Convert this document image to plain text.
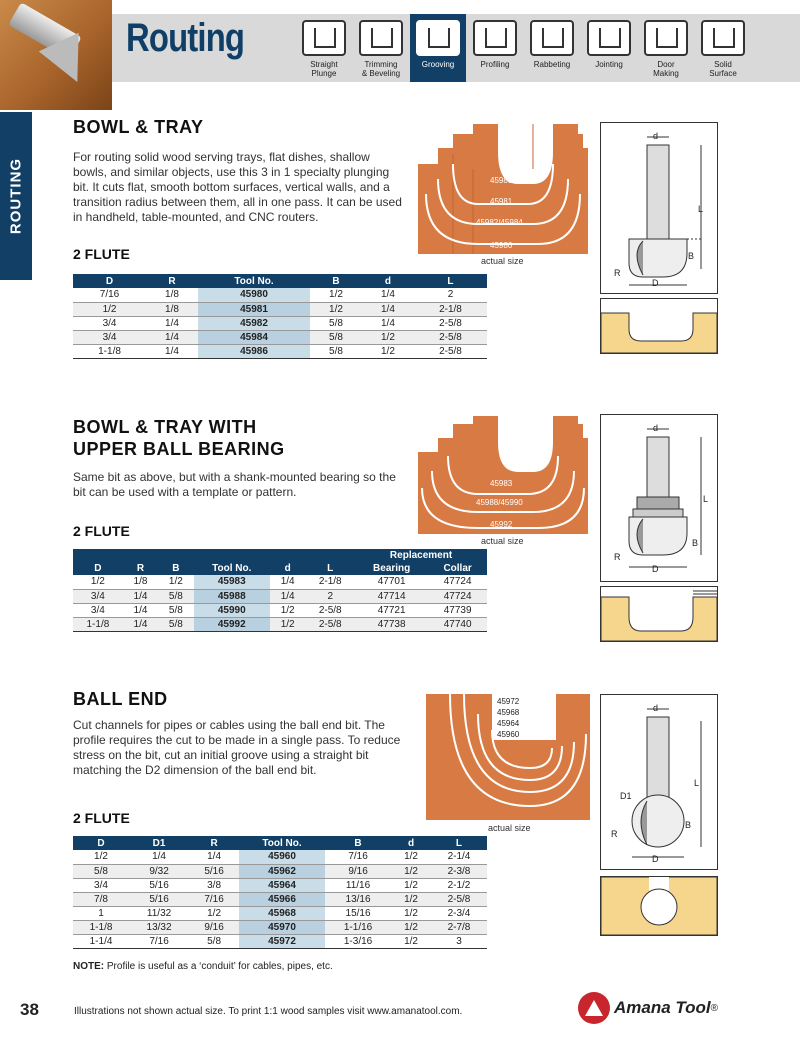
Routing
Straight
Plunge
Trimming
& Beveling
Grooving	Profiling	Rabbeting	Jointing	Door
Making
Solid
Surface
ROUTING
BOWL & TRAY
For routing solid wood serving trays, flat dishes, shallow bowls, and similar objects, use this 3 in 1 specialty plunging bit. It cuts flat, smooth bottom surfaces, vertical walls, and a transition radius between them, all in one pass. It can be used in handheld, table-mounted, and CNC routers.
2 FLUTE
45980
45981
45982/45984
45986
actual size
d
L
B
R
D
D	R	Tool No.	B	d	L
7/16	1/8	45980	1/2	1/4	2
1/2	1/8	45981	1/2	1/4	2-1/8
3/4	1/4	45982	5/8	1/4	2-5/8
3/4	1/4	45984	5/8	1/2	2-5/8
1-1/8	1/4	45986	5/8	1/2	2-5/8
BOWL & TRAY WITH
UPPER BALL BEARING
Same bit as above, but with a shank-mounted bearing so the bit can be used with a template or pattern.
2 FLUTE
45983
45988/45990
45992
actual size
d
L
B
R
D
						Replacement	
D	R	B	Tool No.	d	L	Bearing	Collar
1/2	1/8	1/2	45983	1/4	2-1/8	47701	47724
3/4	1/4	5/8	45988	1/4	2	47714	47724
3/4	1/4	5/8	45990	1/2	2-5/8	47721	47739
1-1/8	1/4	5/8	45992	1/2	2-5/8	47738	47740
BALL END
Cut channels for pipes or cables using the ball end bit. The profile requires the cut to be made in a single pass. To reduce stress on the bit, cut an initial groove using a straight bit matching the D2 dimension of the ball end bit.
2 FLUTE
45972
45968
45964
45960
actual size
d
L
B
D1
R
D
D	D1	R	Tool No.	B	d	L
1/2	1/4	1/4	45960	7/16	1/2	2-1/4
5/8	9/32	5/16	45962	9/16	1/2	2-3/8
3/4	5/16	3/8	45964	11/16	1/2	2-1/2
7/8	5/16	7/16	45966	13/16	1/2	2-5/8
1	11/32	1/2	45968	15/16	1/2	2-3/4
1-1/8	13/32	9/16	45970	1-1/16	1/2	2-7/8
1-1/4	7/16	5/8	45972	1-3/16	1/2	3
NOTE: Profile is useful as a ‘conduit’ for cables, pipes, etc.
38	Illustrations not shown actual size. To print 1:1 wood samples visit www.amanatool.com.	Amana Tool ®
